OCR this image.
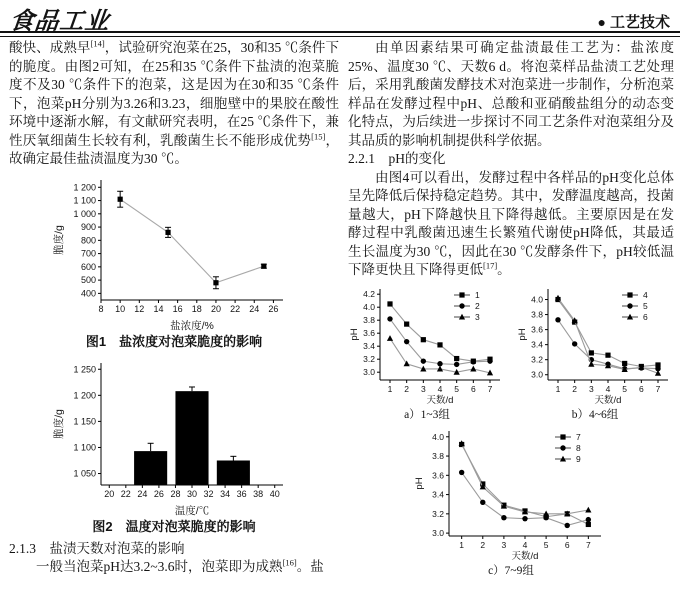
食品工业	● 工艺技术

酸快、成熟早[14]，试验研究泡菜在25，30和35 ℃条件下的脆度。由图2可知，在25和35 ℃条件下盐渍的泡菜脆度不及30 ℃条件下的泡菜，这是因为在30和35 ℃条件下，泡菜pH分别为3.26和3.23，细胞壁中的果胶在酸性环境中逐渐水解，有文献研究表明，在25 ℃条件下，兼性厌氧细菌生长较有利，乳酸菌生长不能形成优势[15]，故确定最佳盐渍温度为30 ℃。

8 10 12 14 16 18 20 22 24 26
400
500
600
700
800
900
1 000
1 100
1 200
盐浓度/%
脆度/g
图1　盐浓度对泡菜脆度的影响
20 22 24 26 28 30 32 34 36 38 40
1 050
1 100
1 150
1 200
1 250
温度/℃
脆度/g
图2　温度对泡菜脆度的影响

2.1.3　盐渍天数对泡菜的影响

一般当泡菜pH达3.2~3.6时，泡菜即为成熟[16]。盐

由单因素结果可确定盐渍最佳工艺为：盐浓度25%、温度30 ℃、天数6 d。将泡菜样品盐渍工艺处理后，采用乳酸菌发酵技术对泡菜进一步制作，分析泡菜样品在发酵过程中pH、总酸和亚硝酸盐组分的动态变化特点，为后续进一步探讨不同工艺条件对泡菜组分及其品质的影响机制提供科学依据。

2.2.1　pH的变化

由图4可以看出，发酵过程中各样品的pH变化总体呈先降低后保持稳定趋势。其中，发酵温度越高，投菌量越大，pH下降越快且下降得越低。主要原因是在发酵过程中乳酸菌迅速生长繁殖代谢使pH降低，其最适生长温度为30 ℃，因此在30 ℃发酵条件下，pH较低温下降更快且下降得更低[17]。

1 2 3 4 5 6 7
3.0
3.2
3.4
3.6
3.8
4.0
4.2
天数/d
pH
1
2
3
a）1~3组
1 2 3 4 5 6 7
3.0
3.2
3.4
3.6
3.8
4.0
天数/d
pH
4
5
6
b）4~6组
1 2 3 4 5 6 7
3.0
3.2
3.4
3.6
3.8
4.0
天数/d
pH
7
8
9
c）7~9组
